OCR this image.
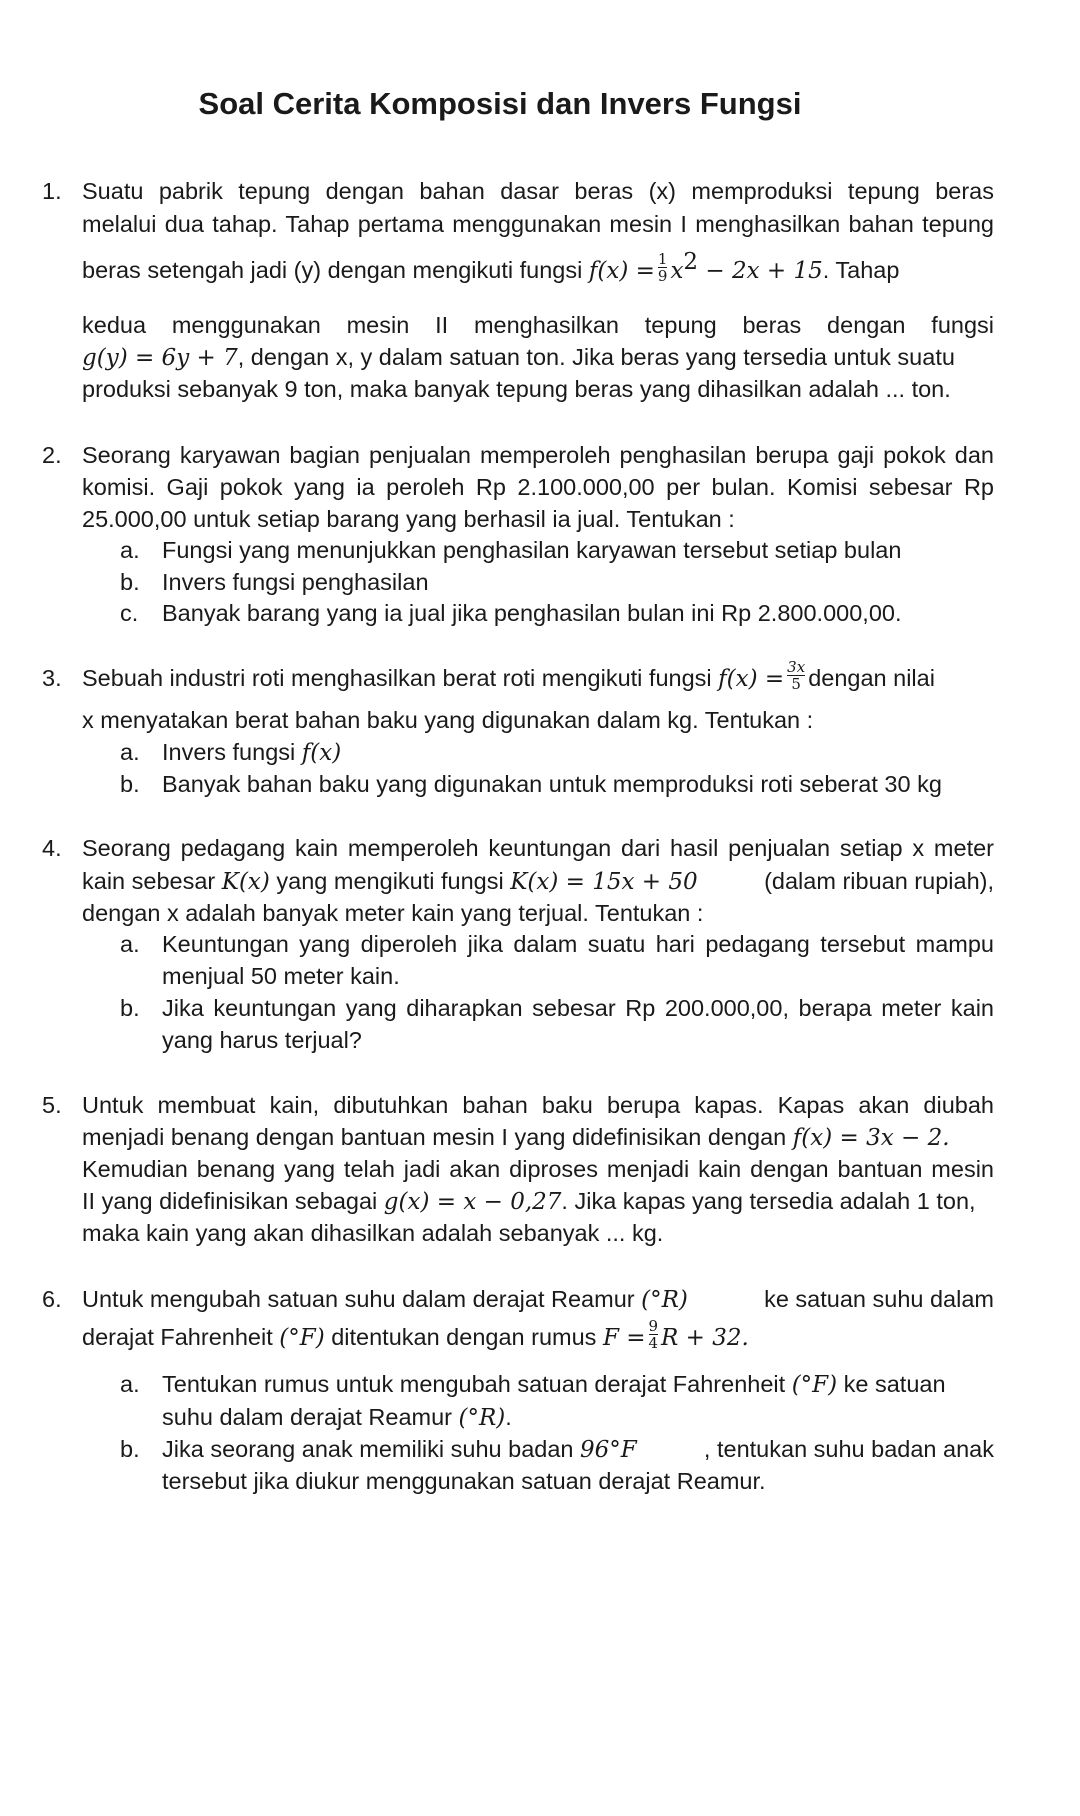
Soal Cerita Komposisi dan Invers Fungsi
1. Suatu pabrik tepung dengan bahan dasar beras (x) memproduksi tepung beras
melalui dua tahap. Tahap pertama menggunakan mesin I menghasilkan bahan tepung
beras setengah jadi (y) dengan mengikuti fungsi $f(x) = \frac{1}{9} x^2 - 2x + 15$. Tahap
kedua menggunakan mesin II menghasilkan tepung beras dengan fungsi
g(y) = 6y + 7, dengan x, y dalam satuan ton. Jika beras yang tersedia untuk suatu
produksi sebanyak 9 ton, maka banyak tepung beras yang dihasilkan adalah ... ton.
2. Seorang karyawan bagian penjualan memperoleh penghasilan berupa gaji pokok dan
komisi. Gaji pokok yang ia peroleh Rp 2.100.000,00 per bulan. Komisi sebesar Rp
25.000,00 untuk setiap barang yang berhasil ia jual. Tentukan :
a. Fungsi yang menunjukkan penghasilan karyawan tersebut setiap bulan
b. Invers fungsi penghasilan
c. Banyak barang yang ia jual jika penghasilan bulan ini Rp 2.800.000,00.
3. Sebuah industri roti menghasilkan berat roti mengikuti fungsi $f(x) = \frac{3x}{5}$ dengan nilai
x menyatakan berat bahan baku yang digunakan dalam kg. Tentukan :
a. Invers fungsi f(x)
b. Banyak bahan baku yang digunakan untuk memproduksi roti seberat 30 kg
4. Seorang pedagang kain memperoleh keuntungan dari hasil penjualan setiap x meter
kain sebesar K(x) yang mengikuti fungsi K(x) = 15x + 50	(dalam ribuan rupiah),
dengan x adalah banyak meter kain yang terjual. Tentukan :
a. Keuntungan yang diperoleh jika dalam suatu hari pedagang tersebut mampu
menjual 50 meter kain.
b. Jika keuntungan yang diharapkan sebesar Rp 200.000,00, berapa meter kain
yang harus terjual?
5. Untuk membuat kain, dibutuhkan bahan baku berupa kapas. Kapas akan diubah
menjadi benang dengan bantuan mesin I yang didefinisikan dengan f(x) = 3x − 2.
Kemudian benang yang telah jadi akan diproses menjadi kain dengan bantuan mesin
II yang didefinisikan sebagai g(x) = x − 0,27. Jika kapas yang tersedia adalah 1 ton,
maka kain yang akan dihasilkan adalah sebanyak ... kg.
6. Untuk mengubah satuan suhu dalam derajat Reamur (°R)	ke satuan suhu dalam
derajat Fahrenheit (°F) ditentukan dengan rumus $F = \frac{9}{4}$ R + 32.
a. Tentukan rumus untuk mengubah satuan derajat Fahrenheit (°F) ke satuan
suhu dalam derajat Reamur (°R).
b. Jika seorang anak memiliki suhu badan 96°F	, tentukan suhu badan anak
tersebut jika diukur menggunakan satuan derajat Reamur.
